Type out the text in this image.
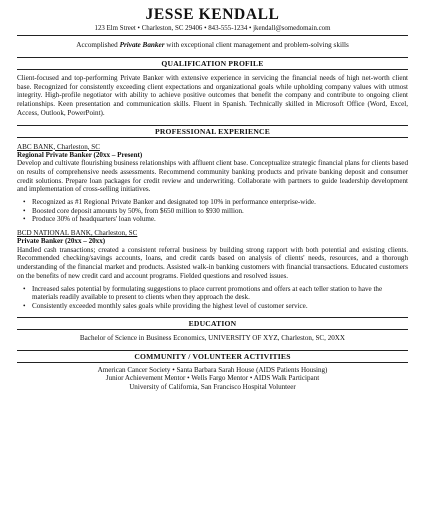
JESSE KENDALL
123 Elm Street • Charleston, SC 29406 • 843-555-1234 • jkendall@somedomain.com
Accomplished Private Banker with exceptional client management and problem-solving skills
QUALIFICATION PROFILE
Client-focused and top-performing Private Banker with extensive experience in servicing the financial needs of high net-worth client base. Recognized for consistently exceeding client expectations and organizational goals while upholding company values with utmost integrity. High-profile negotiator with ability to achieve positive outcomes that benefit the company and contribute to ongoing client relationships. Keen presentation and communication skills. Fluent in Spanish. Technically skilled in Microsoft Office (Word, Excel, Access, Outlook, PowerPoint).
PROFESSIONAL EXPERIENCE
ABC BANK, Charleston, SC
Regional Private Banker (20xx – Present)
Develop and cultivate flourishing business relationships with affluent client base. Conceptualize strategic financial plans for clients based on results of comprehensive needs assessments. Recommend community banking products and private banking deposit and consumer credit solutions. Prepare loan packages for credit review and underwriting. Collaborate with partners to guide leadership development and implementation of cross-selling initiatives.
• Recognized as #1 Regional Private Banker and designated top 10% in performance enterprise-wide.
• Boosted core deposit amounts by 50%, from $650 million to $930 million.
• Produce 30% of headquarters' loan volume.
BCD NATIONAL BANK, Charleston, SC
Private Banker (20xx – 20xx)
Handled cash transactions; created a consistent referral business by building strong rapport with both potential and existing clients. Recommended checking/savings accounts, loans, and credit cards based on analysis of clients' needs, resources, and a thorough understanding of the financial market and products. Assisted walk-in banking customers with financial transactions. Educated customers on the benefits of new credit card and account programs. Fielded questions and resolved issues.
• Increased sales potential by formulating suggestions to place current promotions and offers at each teller station to have the materials readily available to present to clients when they approach the desk.
• Consistently exceeded monthly sales goals while providing the highest level of customer service.
EDUCATION
Bachelor of Science in Business Economics, UNIVERSITY OF XYZ, Charleston, SC, 20XX
COMMUNITY / VOLUNTEER ACTIVITIES
American Cancer Society • Santa Barbara Sarah House (AIDS Patients Housing)
Junior Achievement Mentor • Wells Fargo Mentor • AIDS Walk Participant
University of California, San Francisco Hospital Volunteer
